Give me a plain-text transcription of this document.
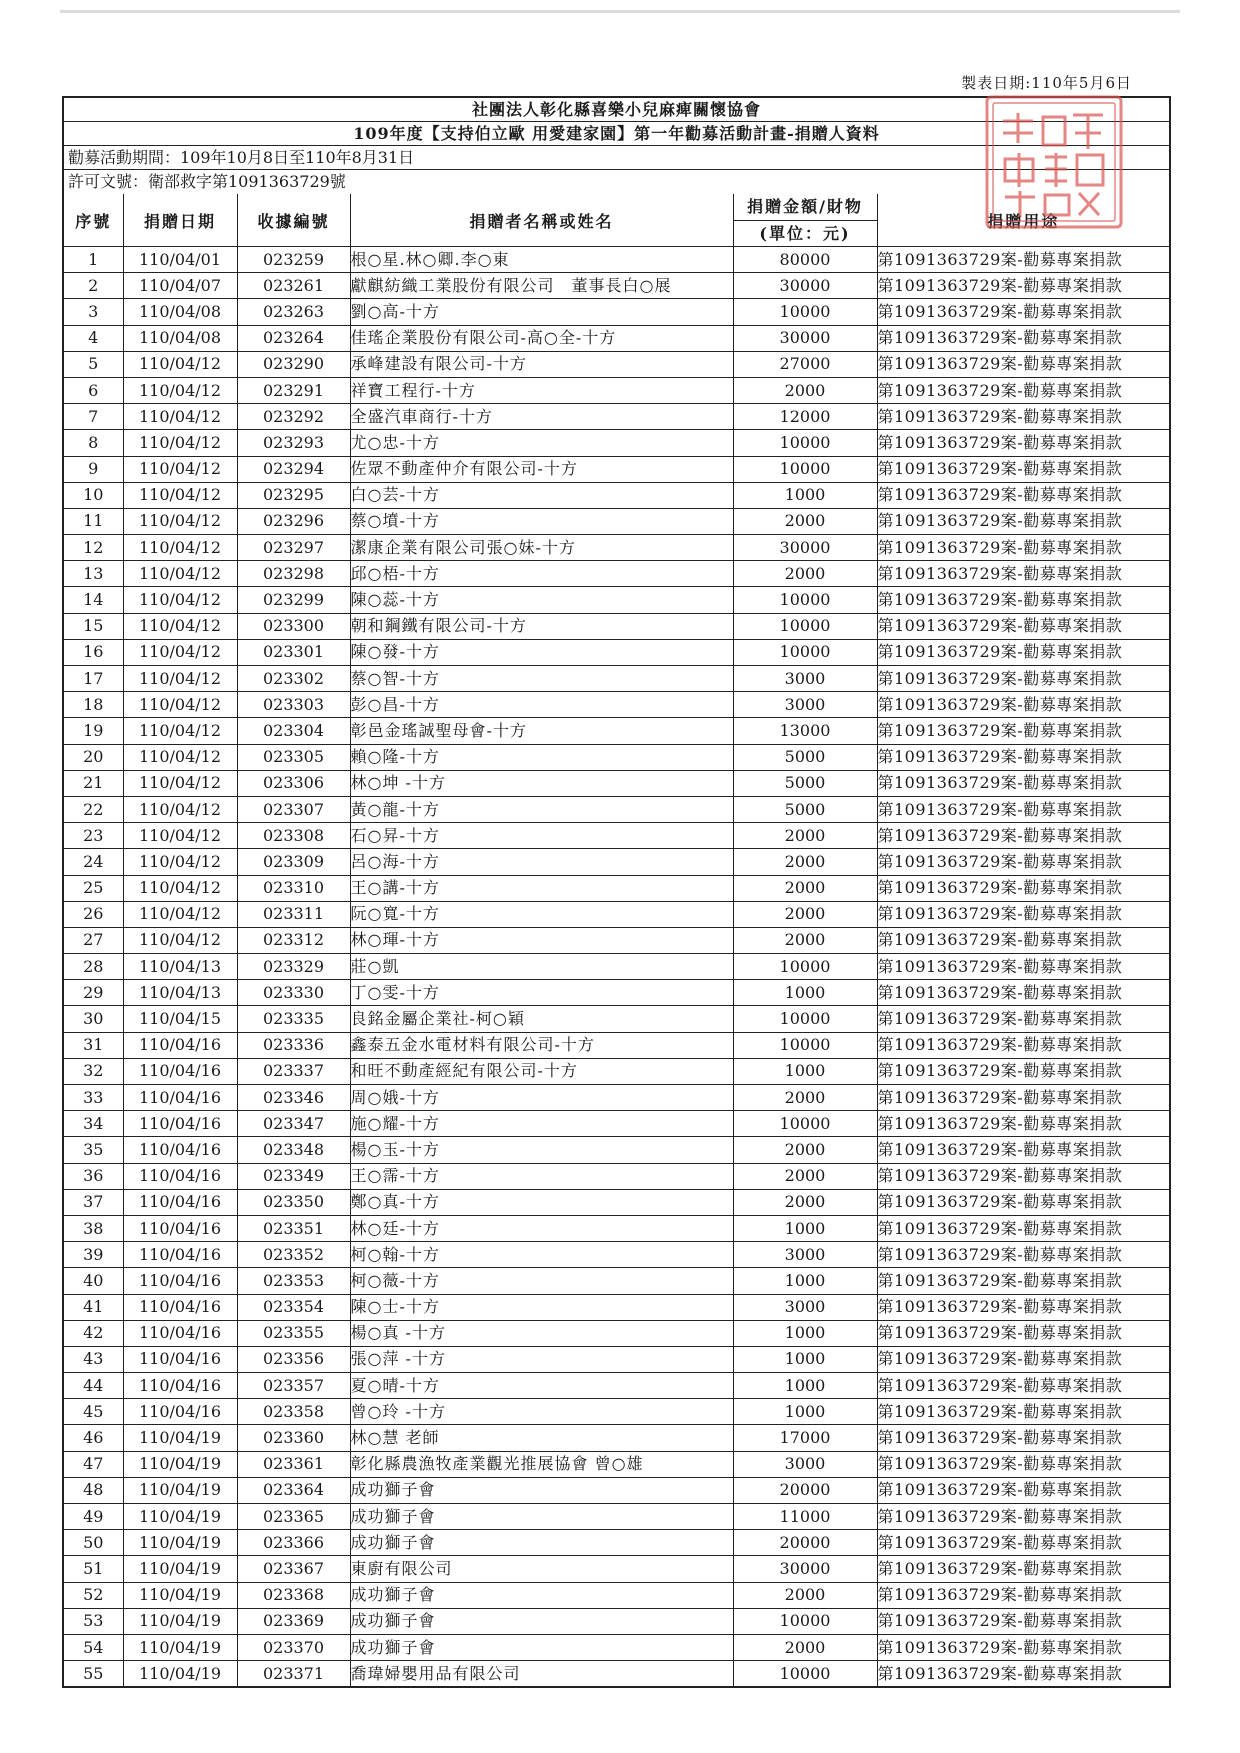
製表日期:110年5月6日
社團法人彰化縣喜樂小兒麻痺關懷協會
109年度【支持伯立歐 用愛建家園】第一年勸募活動計畫-捐贈人資料
勸募活動期間：109年10月8日至110年8月31日
許可文號：衛部救字第1091363729號
序號	捐贈日期	收據編號	捐贈者名稱或姓名	捐贈金額/財物
(單位：元)	捐贈用途
1	110/04/01	023259	根○星.林○卿.李○東	80000	第1091363729案-勸募專案捐款
2	110/04/07	023261	獻麒紡織工業股份有限公司　董事長白○展	30000	第1091363729案-勸募專案捐款
3	110/04/08	023263	劉○高-十方	10000	第1091363729案-勸募專案捐款
4	110/04/08	023264	佳瑤企業股份有限公司-高○全-十方	30000	第1091363729案-勸募專案捐款
5	110/04/12	023290	承峰建設有限公司-十方	27000	第1091363729案-勸募專案捐款
6	110/04/12	023291	祥寶工程行-十方	2000	第1091363729案-勸募專案捐款
7	110/04/12	023292	全盛汽車商行-十方	12000	第1091363729案-勸募專案捐款
8	110/04/12	023293	尤○忠-十方	10000	第1091363729案-勸募專案捐款
9	110/04/12	023294	佐眾不動產仲介有限公司-十方	10000	第1091363729案-勸募專案捐款
10	110/04/12	023295	白○芸-十方	1000	第1091363729案-勸募專案捐款
11	110/04/12	023296	蔡○墳-十方	2000	第1091363729案-勸募專案捐款
12	110/04/12	023297	潔康企業有限公司張○妹-十方	30000	第1091363729案-勸募專案捐款
13	110/04/12	023298	邱○梧-十方	2000	第1091363729案-勸募專案捐款
14	110/04/12	023299	陳○蕊-十方	10000	第1091363729案-勸募專案捐款
15	110/04/12	023300	朝和鋼鐵有限公司-十方	10000	第1091363729案-勸募專案捐款
16	110/04/12	023301	陳○發-十方	10000	第1091363729案-勸募專案捐款
17	110/04/12	023302	蔡○智-十方	3000	第1091363729案-勸募專案捐款
18	110/04/12	023303	彭○昌-十方	3000	第1091363729案-勸募專案捐款
19	110/04/12	023304	彰邑金瑤誠聖母會-十方	13000	第1091363729案-勸募專案捐款
20	110/04/12	023305	賴○隆-十方	5000	第1091363729案-勸募專案捐款
21	110/04/12	023306	林○坤 -十方	5000	第1091363729案-勸募專案捐款
22	110/04/12	023307	黃○龍-十方	5000	第1091363729案-勸募專案捐款
23	110/04/12	023308	石○昇-十方	2000	第1091363729案-勸募專案捐款
24	110/04/12	023309	呂○海-十方	2000	第1091363729案-勸募專案捐款
25	110/04/12	023310	王○講-十方	2000	第1091363729案-勸募專案捐款
26	110/04/12	023311	阮○寬-十方	2000	第1091363729案-勸募專案捐款
27	110/04/12	023312	林○琿-十方	2000	第1091363729案-勸募專案捐款
28	110/04/13	023329	莊○凱	10000	第1091363729案-勸募專案捐款
29	110/04/13	023330	丁○雯-十方	1000	第1091363729案-勸募專案捐款
30	110/04/15	023335	良銘金屬企業社-柯○穎	10000	第1091363729案-勸募專案捐款
31	110/04/16	023336	鑫泰五金水電材料有限公司-十方	10000	第1091363729案-勸募專案捐款
32	110/04/16	023337	和旺不動產經紀有限公司-十方	1000	第1091363729案-勸募專案捐款
33	110/04/16	023346	周○娥-十方	2000	第1091363729案-勸募專案捐款
34	110/04/16	023347	施○耀-十方	10000	第1091363729案-勸募專案捐款
35	110/04/16	023348	楊○玉-十方	2000	第1091363729案-勸募專案捐款
36	110/04/16	023349	王○霈-十方	2000	第1091363729案-勸募專案捐款
37	110/04/16	023350	鄭○真-十方	2000	第1091363729案-勸募專案捐款
38	110/04/16	023351	林○廷-十方	1000	第1091363729案-勸募專案捐款
39	110/04/16	023352	柯○翰-十方	3000	第1091363729案-勸募專案捐款
40	110/04/16	023353	柯○薇-十方	1000	第1091363729案-勸募專案捐款
41	110/04/16	023354	陳○士-十方	3000	第1091363729案-勸募專案捐款
42	110/04/16	023355	楊○真 -十方	1000	第1091363729案-勸募專案捐款
43	110/04/16	023356	張○萍 -十方	1000	第1091363729案-勸募專案捐款
44	110/04/16	023357	夏○晴-十方	1000	第1091363729案-勸募專案捐款
45	110/04/16	023358	曾○玲 -十方	1000	第1091363729案-勸募專案捐款
46	110/04/19	023360	林○慧 老師	17000	第1091363729案-勸募專案捐款
47	110/04/19	023361	彰化縣農漁牧產業觀光推展協會 曾○雄	3000	第1091363729案-勸募專案捐款
48	110/04/19	023364	成功獅子會	20000	第1091363729案-勸募專案捐款
49	110/04/19	023365	成功獅子會	11000	第1091363729案-勸募專案捐款
50	110/04/19	023366	成功獅子會	20000	第1091363729案-勸募專案捐款
51	110/04/19	023367	東廚有限公司	30000	第1091363729案-勸募專案捐款
52	110/04/19	023368	成功獅子會	2000	第1091363729案-勸募專案捐款
53	110/04/19	023369	成功獅子會	10000	第1091363729案-勸募專案捐款
54	110/04/19	023370	成功獅子會	2000	第1091363729案-勸募專案捐款
55	110/04/19	023371	喬瑋婦嬰用品有限公司	10000	第1091363729案-勸募專案捐款
